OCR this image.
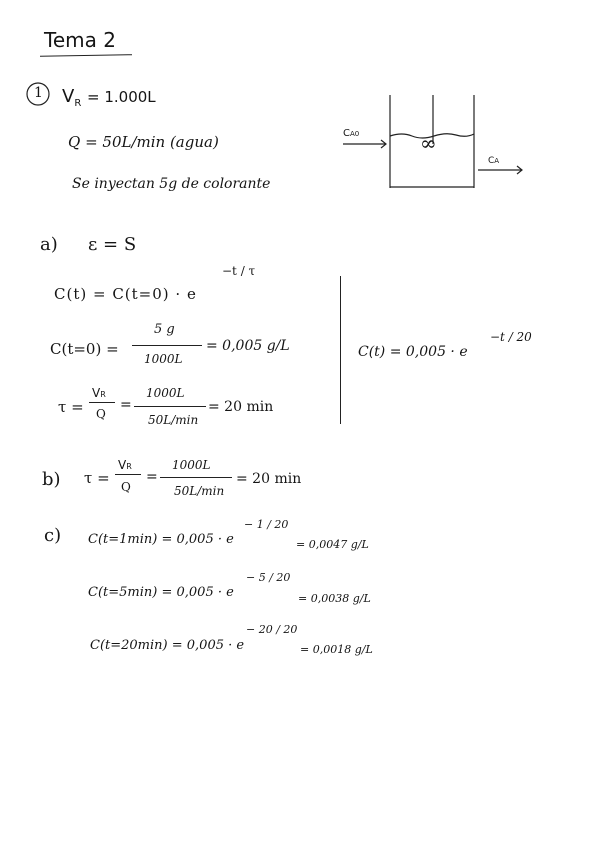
Tema 2
1 $V_R = 1.000L$
Q = 50L/min (agua)
Se inyectan 5g de colorante
CA0
CA
∞
a) ε = S
C(t) = C(t=0) · e
−t / τ
C(t=0) =
5 g
1000L
= 0,005 g/L
τ =
VR
Q
=
1000L
50L/min
= 20 min
C(t) = 0,005 · e
−t / 20
b) τ =
VR
Q
=
1000L
50L/min
= 20 min
c) C(t=1min) = 0,005 · e
− 1 / 20
= 0,0047 g/L
C(t=5min) = 0,005 · e
− 5 / 20
= 0,0038 g/L
C(t=20min) = 0,005 · e
− 20 / 20
= 0,0018 g/L
